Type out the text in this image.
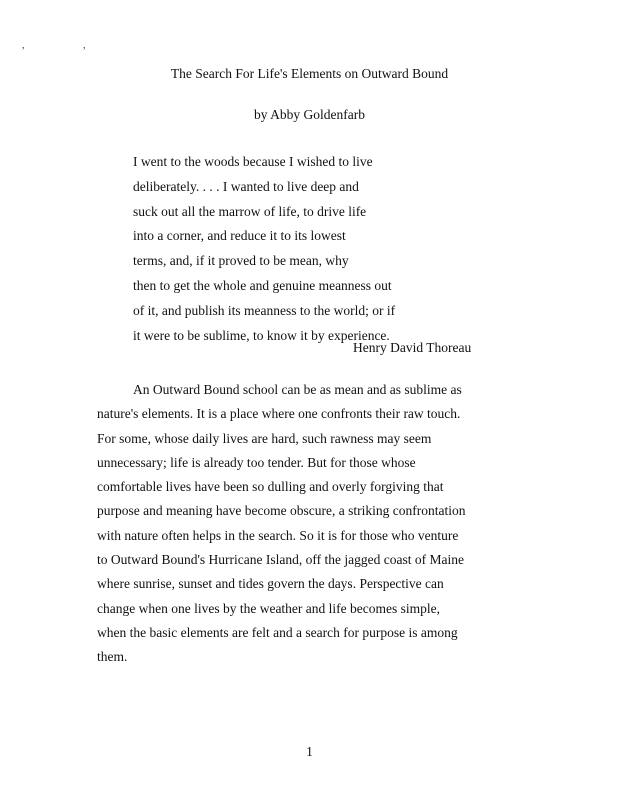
, ,
The Search For Life's Elements on Outward Bound
by Abby Goldenfarb
I went to the woods because I wished to live
deliberately. . . . I wanted to live deep and
suck out all the marrow of life, to drive life
into a corner, and reduce it to its lowest
terms, and, if it proved to be mean, why
then to get the whole and genuine meanness out
of it, and publish its meanness to the world; or if
it were to be sublime, to know it by experience.
Henry David Thoreau
An Outward Bound school can be as mean and as sublime as
nature's elements. It is a place where one confronts their raw touch.
For some, whose daily lives are hard, such rawness may seem
unnecessary; life is already too tender. But for those whose
comfortable lives have been so dulling and overly forgiving that
purpose and meaning have become obscure, a striking confrontation
with nature often helps in the search. So it is for those who venture
to Outward Bound's Hurricane Island, off the jagged coast of Maine
where sunrise, sunset and tides govern the days. Perspective can
change when one lives by the weather and life becomes simple,
when the basic elements are felt and a search for purpose is among
them.
1
